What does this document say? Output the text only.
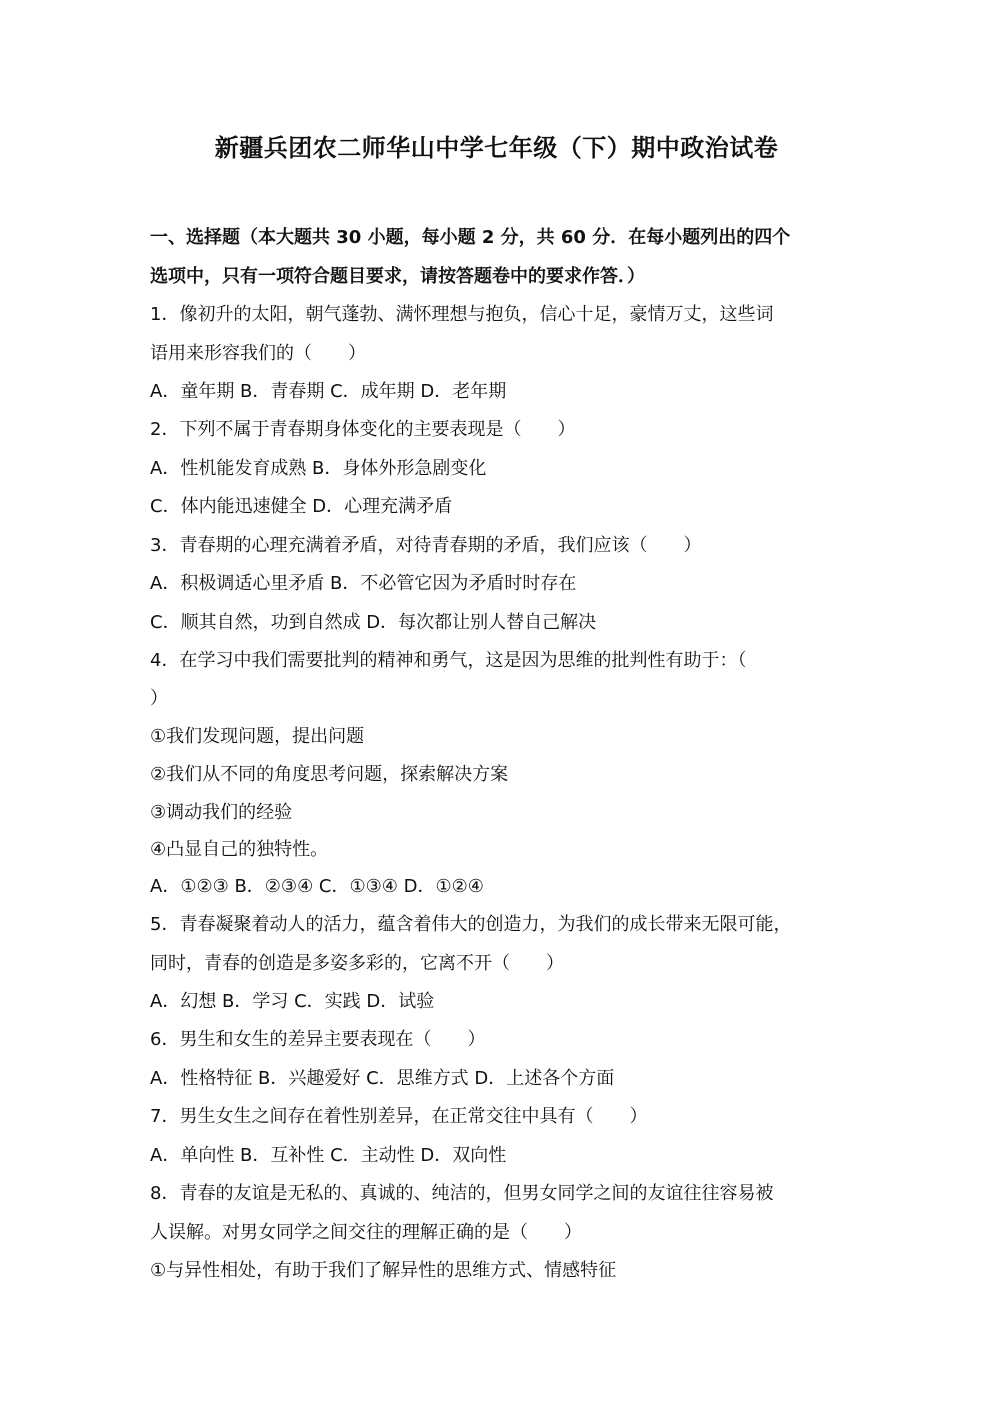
新疆兵团农二师华山中学七年级（下）期中政治试卷
一、选择题（本大题共 30 小题，每小题 2 分，共 60 分．在每小题列出的四个
选项中，只有一项符合题目要求，请按答题卷中的要求作答．）
1．像初升的太阳，朝气蓬勃、满怀理想与抱负，信心十足，豪情万丈，这些词
语用来形容我们的（　　）
A．童年期 B．青春期 C．成年期 D．老年期
2．下列不属于青春期身体变化的主要表现是（　　）
A．性机能发育成熟 B．身体外形急剧变化
C．体内能迅速健全 D．心理充满矛盾
3．青春期的心理充满着矛盾，对待青春期的矛盾，我们应该（　　）
A．积极调适心里矛盾 B．不必管它因为矛盾时时存在
C．顺其自然，功到自然成 D．每次都让别人替自己解决
4．在学习中我们需要批判的精神和勇气，这是因为思维的批判性有助于：（
）
①我们发现问题，提出问题
②我们从不同的角度思考问题，探索解决方案
③调动我们的经验
④凸显自己的独特性。
A．①②③ B．②③④ C．①③④ D．①②④
5．青春凝聚着动人的活力，蕴含着伟大的创造力，为我们的成长带来无限可能，
同时，青春的创造是多姿多彩的，它离不开（　　）
A．幻想 B．学习 C．实践 D．试验
6．男生和女生的差异主要表现在（　　）
A．性格特征 B．兴趣爱好 C．思维方式 D．上述各个方面
7．男生女生之间存在着性别差异，在正常交往中具有（　　）
A．单向性 B．互补性 C．主动性 D．双向性
8．青春的友谊是无私的、真诚的、纯洁的，但男女同学之间的友谊往往容易被
人误解。对男女同学之间交往的理解正确的是（　　）
①与异性相处，有助于我们了解异性的思维方式、情感特征
